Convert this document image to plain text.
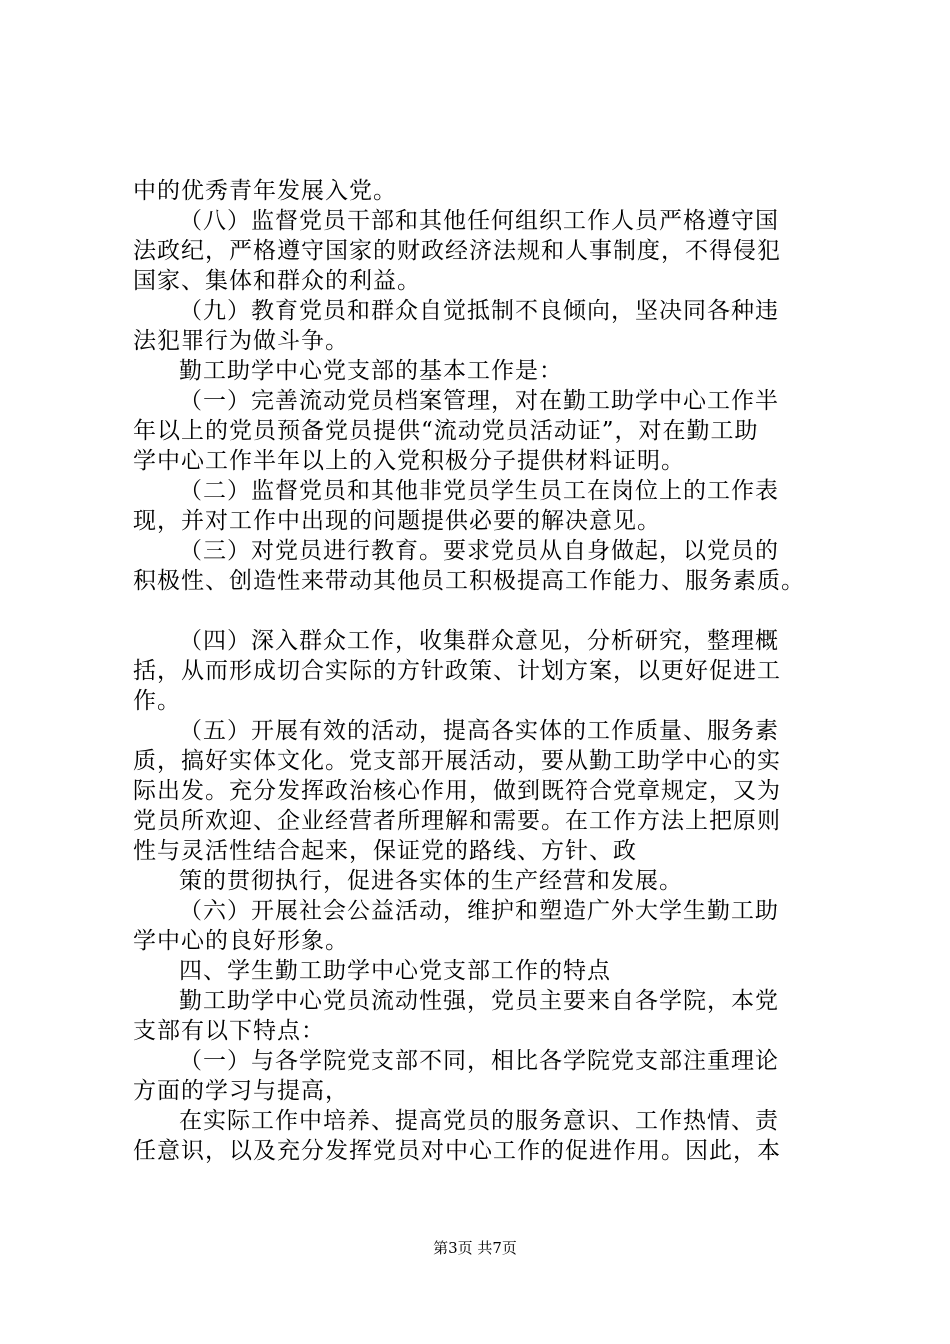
中的优秀青年发展入党。
（八）监督党员干部和其他任何组织工作人员严格遵守国
法政纪，严格遵守国家的财政经济法规和人事制度，不得侵犯
国家、集体和群众的利益。
（九）教育党员和群众自觉抵制不良倾向，坚决同各种违
法犯罪行为做斗争。
勤工助学中心党支部的基本工作是：
（一）完善流动党员档案管理，对在勤工助学中心工作半
年以上的党员预备党员提供“流动党员活动证”，对在勤工助
学中心工作半年以上的入党积极分子提供材料证明。
（二）监督党员和其他非党员学生员工在岗位上的工作表
现，并对工作中出现的问题提供必要的解决意见。
（三）对党员进行教育。要求党员从自身做起，以党员的
积极性、创造性来带动其他员工积极提高工作能力、服务素质。
（四）深入群众工作，收集群众意见，分析研究，整理概
括，从而形成切合实际的方针政策、计划方案，以更好促进工
作。
（五）开展有效的活动，提高各实体的工作质量、服务素
质，搞好实体文化。党支部开展活动，要从勤工助学中心的实
际出发。充分发挥政治核心作用，做到既符合党章规定，又为
党员所欢迎、企业经营者所理解和需要。在工作方法上把原则
性与灵活性结合起来，保证党的路线、方针、政
策的贯彻执行，促进各实体的生产经营和发展。
（六）开展社会公益活动，维护和塑造广外大学生勤工助
学中心的良好形象。
四、学生勤工助学中心党支部工作的特点
勤工助学中心党员流动性强，党员主要来自各学院，本党
支部有以下特点：
（一）与各学院党支部不同，相比各学院党支部注重理论
方面的学习与提高，
在实际工作中培养、提高党员的服务意识、工作热情、责
任意识，以及充分发挥党员对中心工作的促进作用。因此，本
第3页 共7页
